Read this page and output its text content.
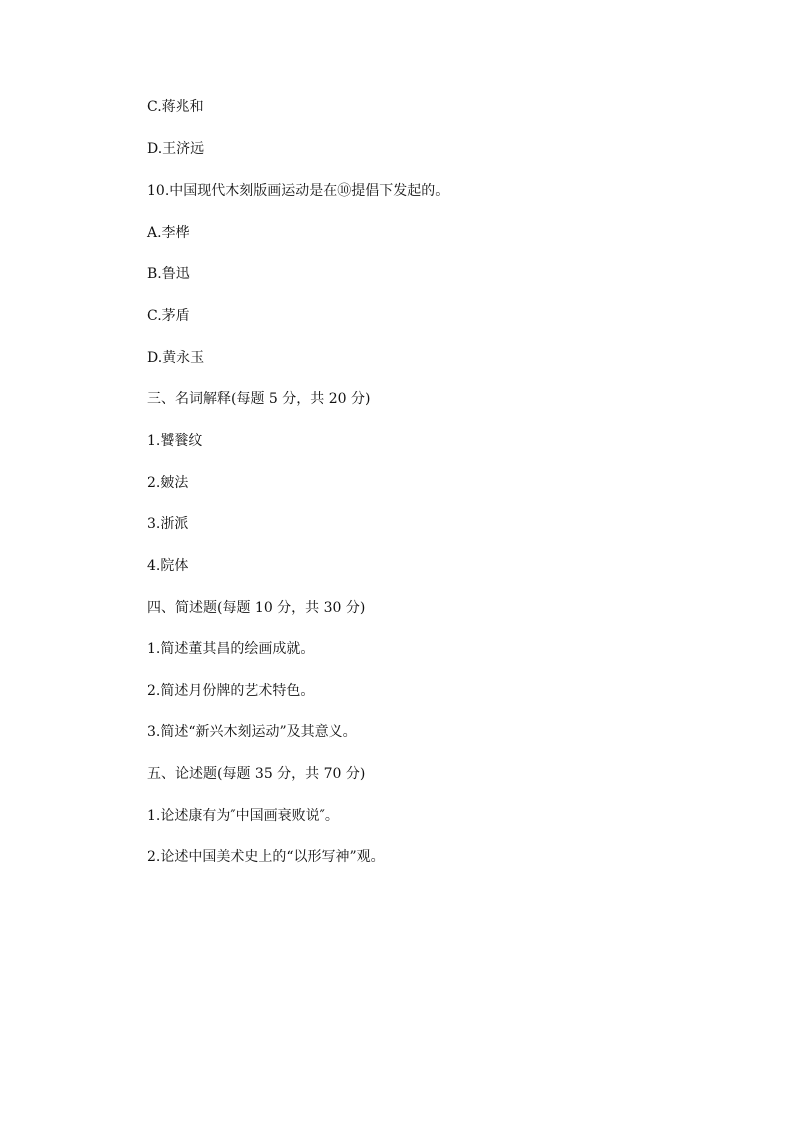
C.蒋兆和
D.王济远
10.中国现代木刻版画运动是在⑩提倡下发起的。
A.李桦
B.鲁迅
C.茅盾
D.黄永玉
三、名词解释(每题 5 分，共 20 分)
1.饕餮纹
2.皴法
3.浙派
4.院体
四、简述题(每题 10 分，共 30 分)
1.简述董其昌的绘画成就。
2.简述月份牌的艺术特色。
3.简述“新兴木刻运动”及其意义。
五、论述题(每题 35 分，共 70 分)
1.论述康有为″中国画衰败说″。
2.论述中国美术史上的“以形写神”观。
